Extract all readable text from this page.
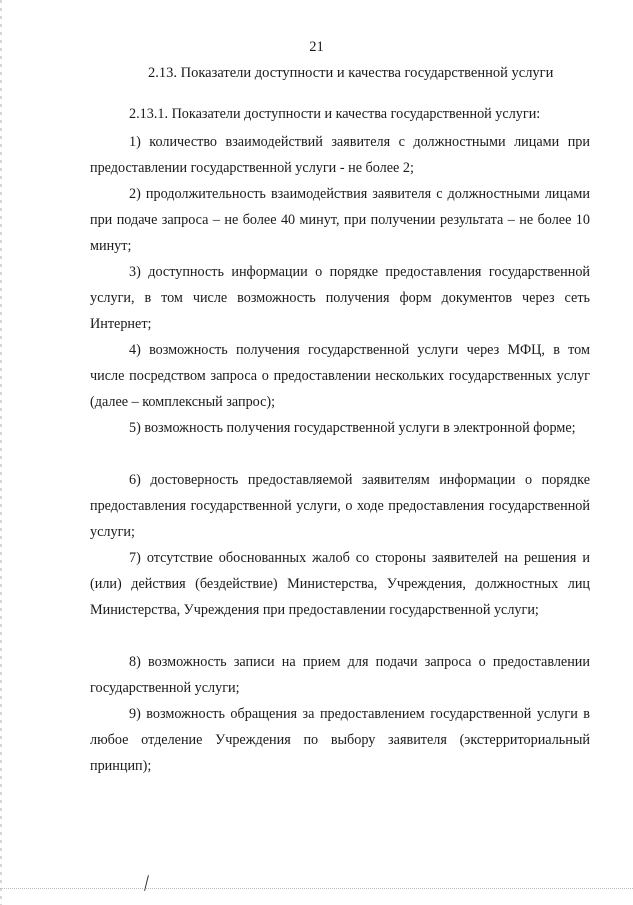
21
2.13. Показатели доступности и качества государственной услуги
2.13.1. Показатели доступности и качества государственной услуги:

1) количество взаимодействий заявителя с должностными лицами при предоставлении государственной услуги - не более 2;

2) продолжительность взаимодействия заявителя с должностными лицами при подаче запроса – не более 40 минут, при получении результата – не более 10 минут;

3) доступность информации о порядке предоставления государственной услуги, в том числе возможность получения форм документов через сеть Интернет;

4) возможность получения государственной услуги через МФЦ, в том числе посредством запроса о предоставлении нескольких государственных услуг (далее – комплексный запрос);

5) возможность получения государственной услуги в электронной форме;

6) достоверность предоставляемой заявителям информации о порядке предоставления государственной услуги, о ходе предоставления государственной услуги;

7) отсутствие обоснованных жалоб со стороны заявителей на решения и (или) действия (бездействие) Министерства, Учреждения, должностных лиц Министерства, Учреждения при предоставлении государственной услуги;

8) возможность записи на прием для подачи запроса о предоставлении государственной услуги;

9) возможность обращения за предоставлением государственной услуги в любое отделение Учреждения по выбору заявителя (экстерриториальный принцип);
